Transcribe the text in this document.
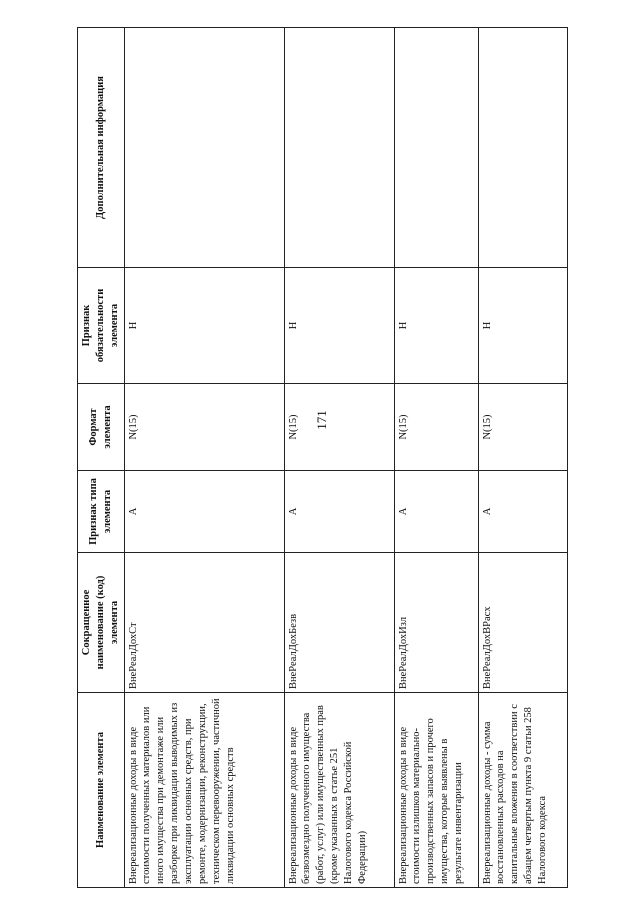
171
Наименование элемента	Сокращенное наименование (код) элемента	Признак типа элемента	Формат элемента	Признак обязательности элемента	Дополнительная информация
Внереализационные доходы в виде стоимости полученных материалов или иного имущества при демонтаже или разборке при ликвидации выводимых из эксплуатации основных средств, при ремонте, модернизации, реконструкции, техническом перевооружении, частичной ликвидации основных средств	ВнеРеалДохСт	А	N(15)	Н	
Внереализационные доходы в виде безвозмездно полученного имущества (работ, услуг) или имущественных прав (кроме указанных в статье 251 Налогового кодекса Российской Федерации)	ВнеРеалДохБезв	А	N(15)	Н	
Внереализационные доходы в виде стоимости излишков материально-производственных запасов и прочего имущества, которые выявлены в результате инвентаризации	ВнеРеалДохИзл	А	N(15)	Н	
Внереализационные доходы - сумма восстановленных расходов на капитальные вложения в соответствии с абзацем четвертым пункта 9 статьи 258 Налогового кодекса	ВнеРеалДохВРасх	А	N(15)	Н	
